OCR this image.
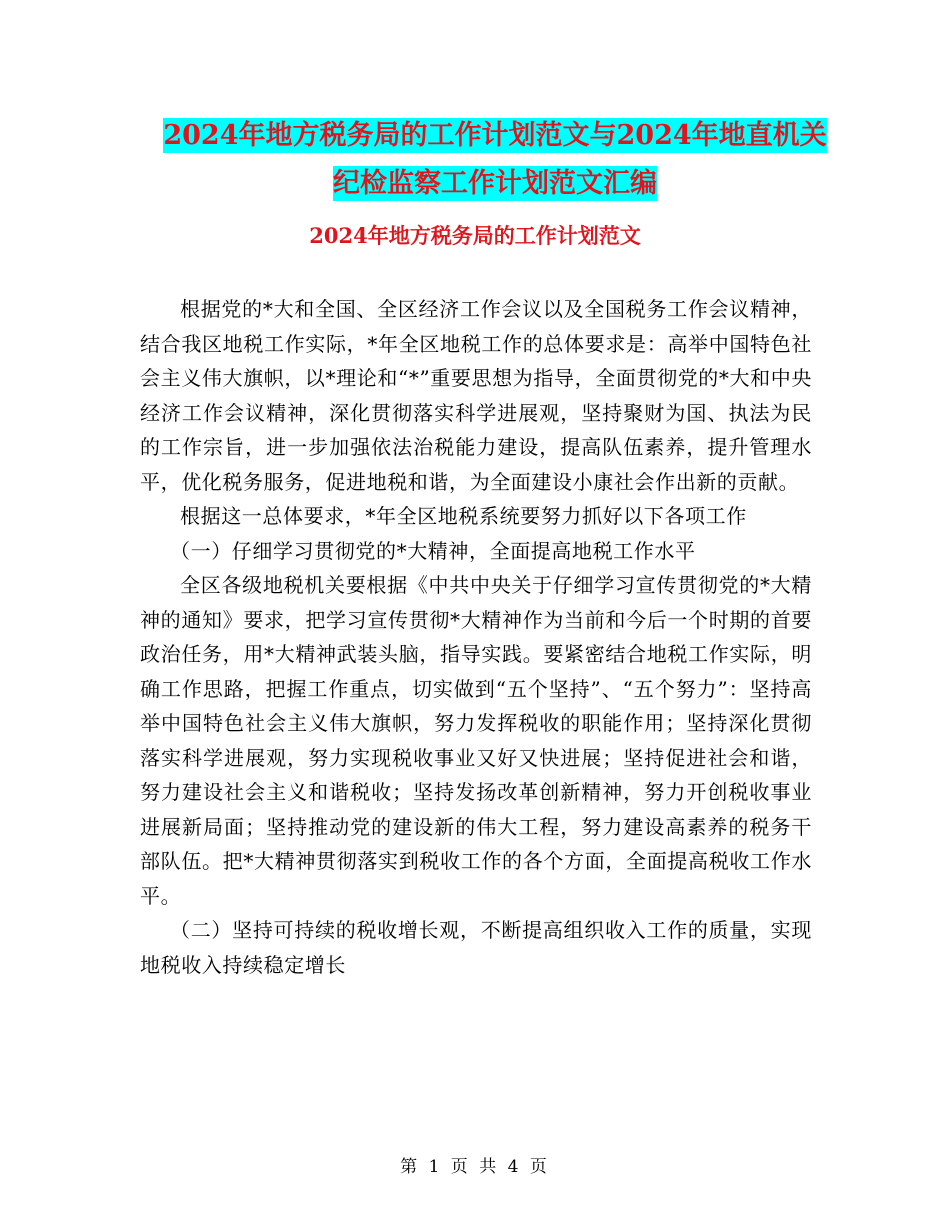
2024年地方税务局的工作计划范文与2024年地直机关
纪检监察工作计划范文汇编
2024年地方税务局的工作计划范文

根据党的*大和全国、全区经济工作会议以及全国税务工作会议精神，结合我区地税工作实际，*年全区地税工作的总体要求是：高举中国特色社会主义伟大旗帜，以*理论和“*”重要思想为指导，全面贯彻党的*大和中央经济工作会议精神，深化贯彻落实科学进展观，坚持聚财为国、执法为民的工作宗旨，进一步加强依法治税能力建设，提高队伍素养，提升管理水平，优化税务服务，促进地税和谐，为全面建设小康社会作出新的贡献。

根据这一总体要求，*年全区地税系统要努力抓好以下各项工作

（一）仔细学习贯彻党的*大精神，全面提高地税工作水平

全区各级地税机关要根据《中共中央关于仔细学习宣传贯彻党的*大精神的通知》要求，把学习宣传贯彻*大精神作为当前和今后一个时期的首要政治任务，用*大精神武装头脑，指导实践。要紧密结合地税工作实际，明确工作思路，把握工作重点，切实做到“五个坚持”、“五个努力”：坚持高举中国特色社会主义伟大旗帜，努力发挥税收的职能作用；坚持深化贯彻落实科学进展观，努力实现税收事业又好又快进展；坚持促进社会和谐，努力建设社会主义和谐税收；坚持发扬改革创新精神，努力开创税收事业进展新局面；坚持推动党的建设新的伟大工程，努力建设高素养的税务干部队伍。把*大精神贯彻落实到税收工作的各个方面，全面提高税收工作水平。

（二）坚持可持续的税收增长观，不断提高组织收入工作的质量，实现地税收入持续稳定增长

第 1 页 共 4 页
